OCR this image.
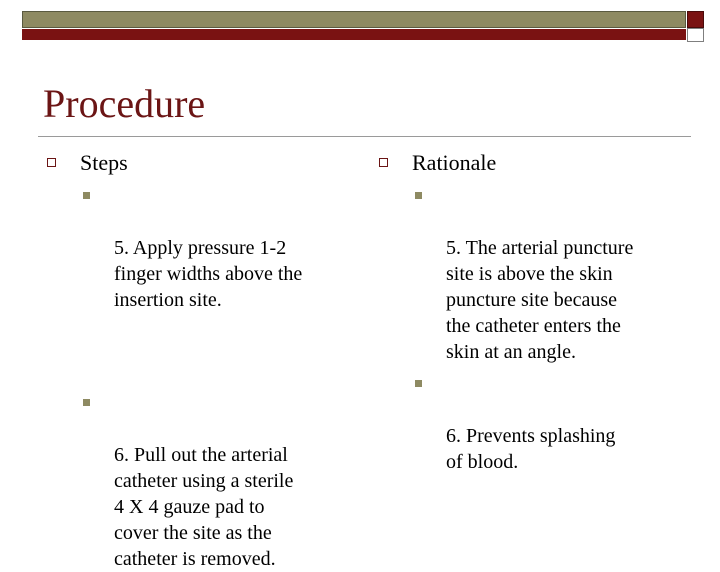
Procedure
Steps

5. Apply pressure 1-2
finger widths above the
insertion site.

6. Pull out the arterial
catheter using a sterile
4 X 4 gauze pad to
cover the site as the
catheter is removed.

Rationale

5. The arterial puncture
site is above the skin
puncture site because
the catheter enters the
skin at an angle.

6. Prevents splashing
of blood.
